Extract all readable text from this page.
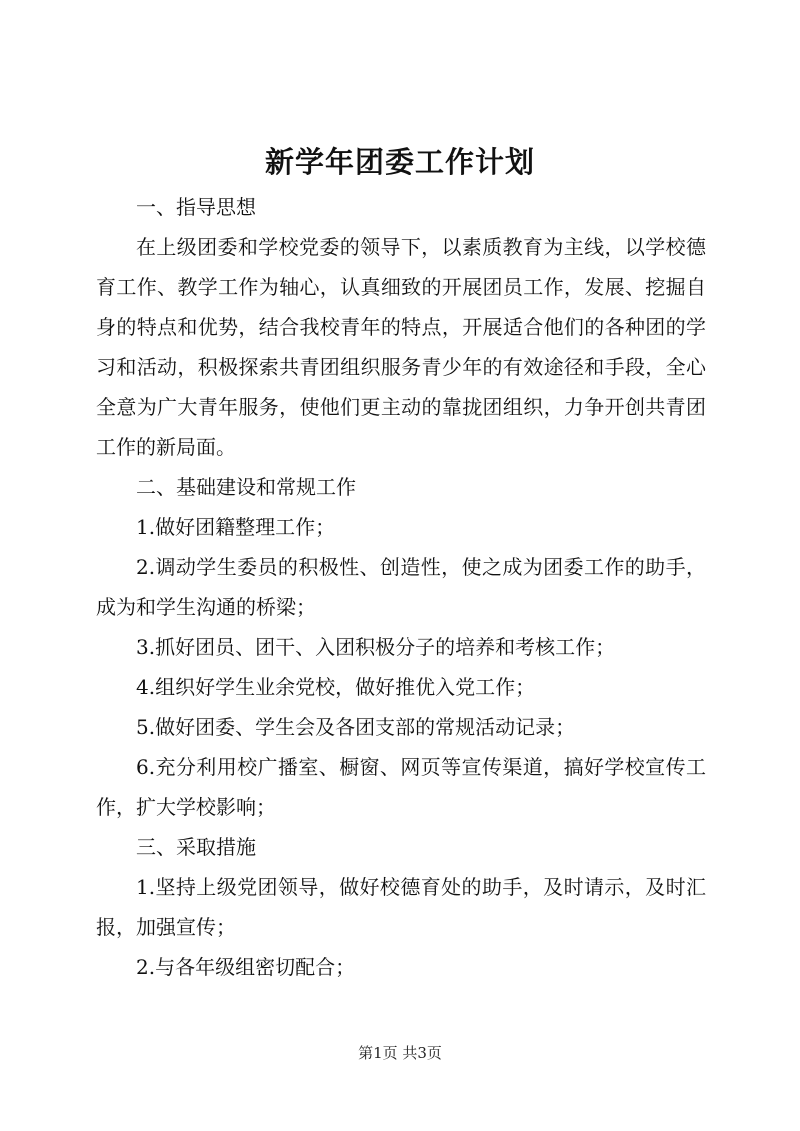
新学年团委工作计划

一、指导思想

在上级团委和学校党委的领导下，以素质教育为主线，以学校德育工作、教学工作为轴心，认真细致的开展团员工作，发展、挖掘自身的特点和优势，结合我校青年的特点，开展适合他们的各种团的学习和活动，积极探索共青团组织服务青少年的有效途径和手段，全心全意为广大青年服务，使他们更主动的靠拢团组织，力争开创共青团工作的新局面。

二、基础建设和常规工作

1.做好团籍整理工作；

2.调动学生委员的积极性、创造性，使之成为团委工作的助手，成为和学生沟通的桥梁；

3.抓好团员、团干、入团积极分子的培养和考核工作；

4.组织好学生业余党校，做好推优入党工作；

5.做好团委、学生会及各团支部的常规活动记录；

6.充分利用校广播室、橱窗、网页等宣传渠道，搞好学校宣传工作，扩大学校影响；

三、采取措施

1.坚持上级党团领导，做好校德育处的助手，及时请示，及时汇报，加强宣传；

2.与各年级组密切配合；

第1页 共3页
